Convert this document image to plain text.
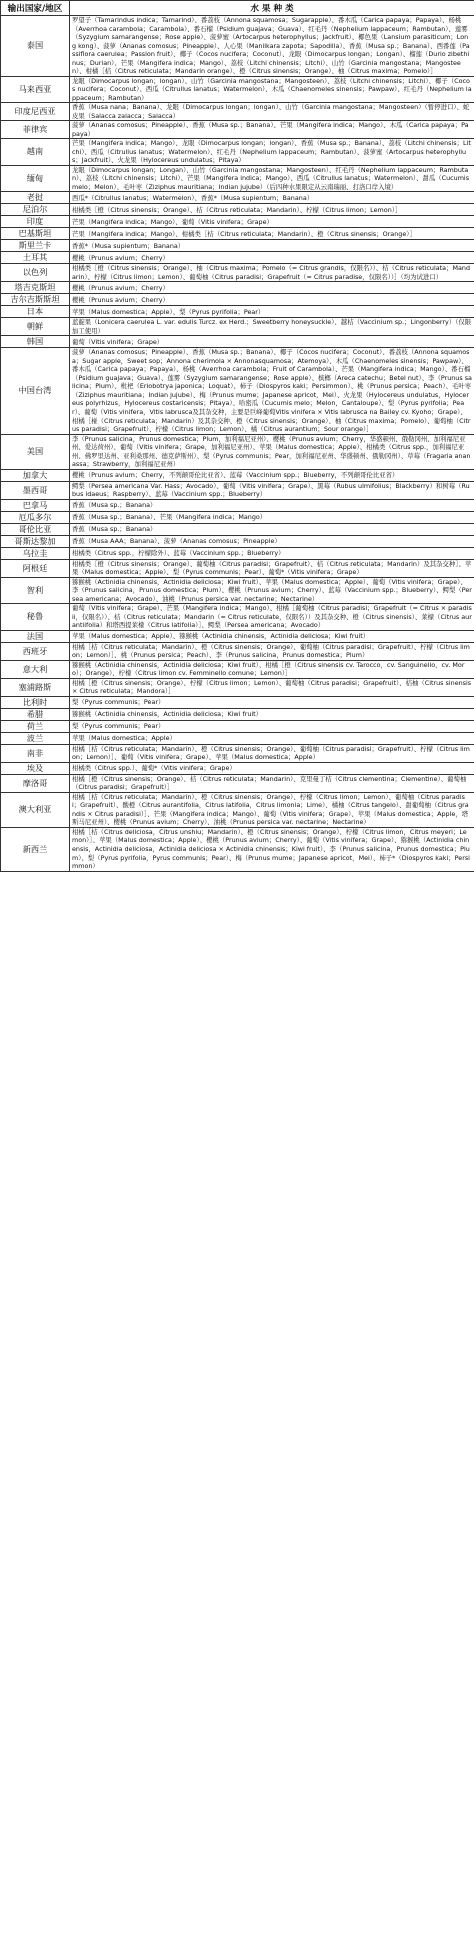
输出国家/地区	水 果 种 类
泰国	罗望子（Tamarindus indica；Tamarind）、番荔枝（Annona squamosa；Sugarapple）、番木瓜（Carica papaya；Papaya）、杨桃（Averrhoa carambola；Carambola）、番石榴（Psidium guajava；Guava）、红毛丹（Nephelium lappaceum；Rambutan）、莲雾（Syzygium samarangense；Rose apple）、菠萝蜜（Artocarpus heterophyllus；Jackfruit）、椰色果（Lansium parasiticum；Long kong）、菠萝（Ananas comosus；Pineapple）、人心果（Manilkara zapota；Sapodilla）、香蕉（Musa sp.；Banana）、西番莲（Passiflora caerulea；Passion fruit）、椰子（Cocos nucifera；Coconut）、龙眼（Dimocarpus longan；Longan）、榴莲（Durio zibethinus；Durian）、芒果（Mangifera indica；Mango）、荔枝（Litchi chinensis；Litchi）、山竹（Garcinia mangostana；Mangosteen）、柑橘［桔（Citrus reticulata；Mandarin orange）、橙（Citrus sinensis；Orange）、柚（Citrus maxima；Pomelo）］
马来西亚	龙眼（Dimocarpus longan；longan）、山竹（Garcinia mangostana；Mangosteen）、荔枝（Litchi chinensis；Litchi）、椰子（Cocos nucifera；Coconut）、西瓜（Citrullus lanatus；Watermelon）、木瓜（Chaenomeles sinensis；Pawpaw）、红毛丹（Nephelium lappaceum；Rambutan）
印度尼西亚	香蕉（Musa nana；Banana）、龙眼（Dimocarpus longan；longan）、山竹（Garcinia mangostana；Mangosteen）（暂停进口）、蛇皮果（Salacca zalacca；Salacca）
菲律宾	菠萝（Ananas comosus；Pineapple）、香蕉（Musa sp.；Banana）、芒果（Mangifera indica；Mango）、木瓜（Carica papaya；Papaya）
越南	芒果（Mangifera indica；Mango）、龙眼（Dimocarpus longan；longan）、香蕉（Musa sp.；Banana）、荔枝（Litchi chinensis；Litchi）、西瓜（Citrullus lanatus；Watermelon）、红毛丹（Nephelium lappaceum；Rambutan）、菠萝蜜（Artocarpus heterophyllus；Jackfruit）、火龙果（Hylocereus undulatus；Pitaya）
缅甸	龙眼（Dimocarpus longan；Longan）、山竹（Garcinia mangostana；Mangosteen）、红毛丹（Nephelium lappaceum；Rambutan）、荔枝（Litchi chinensis；Litchi）、芒果（Mangifera indica；Mango）、西瓜（Citrullus lanatus；Watermelon）、甜瓜（Cucumis melo；Melon）、毛叶枣（Ziziphus mauritiana；Indian jujube）（后四种水果限定从云南瑞丽、打洛口岸入境）
老挝	西瓜*（Citrullus lanatus；Watermelon）、香蕉*（Musa supientum；Banana）
尼泊尔	柑橘类［橙（Citrus sinensis；Orange）、桔（Citrus reticulata；Mandarin）、柠檬（Citrus limon；Lemon）］
印度	芒果（Mangifera indica；Mango）、葡萄（Vitis vinifera；Grape）
巴基斯坦	芒果（Mangifera indica；Mango）、柑橘类［桔（Citrus reticulata；Mandarin）、橙（Citrus sinensis；Orange）］
斯里兰卡	香蕉*（Musa supientum；Banana）
土耳其	樱桃（Prunus avium；Cherry）
以色列	柑橘类［橙（Citrus sinensis；Orange）、柚（Citrus maxima；Pomelo（= Citrus grandis，仅限名））、桔（Citrus reticulata；Mandarin）、柠檬（Citrus limon；Lemon）、葡萄柚（Citrus paradisi；Grapefruit（= Citrus paradise，仅限名））］（均为试进口）
塔吉克斯坦	樱桃（Prunus avium；Cherry）
吉尔吉斯斯坦	樱桃（Prunus avium；Cherry）
日本	苹果（Malus domestica；Apple）、梨（Pyrus pyrifolia；Pear）
朝鲜	蓝靛果（Lonicera caerulea L. var. edulis Turcz. ex Herd.；Sweetberry honeysuckle）、越桔（Vaccinium sp.；Lingonberry）（仅限加工使用）
韩国	葡萄（Vitis vinifera；Grape）
中国台湾	菠萝（Ananas comosus；Pineapple）、香蕉（Musa sp.；Banana）、椰子（Cocos nucifera；Coconut）、番荔枝（Annona squamosa；Sugar apple，Sweet sop；Annona cherimola × Annonasquamosa；Atemoya）、木瓜（Chaenomeles sinensis；Pawpaw）、番木瓜（Carica papaya；Papaya）、杨桃（Averrhoa carambola；Fruit of Carambola）、芒果（Mangifera indica；Mango）、番石榴（Psidium guajava；Guava）、莲雾（Syzygium samarangense；Rose apple）、槟榔（Areca catechu；Betel nut）、李（Prunus salicina；Plum）、枇杷（Eriobotrya japonica；Loquat）、柿子（Diospyros kaki；Persimmon）、桃（Prunus persica；Peach）、毛叶枣（Ziziphus mauritiana；Indian jujube）、梅（Prunus mume；Japanese apricot，Mei）、火龙果（Hylocereus undulatus，Hylocereus polyrhizus，Hylocereus costaricensis；Pitaya）、哈密瓜（Cucumis melo；Melon，Cantaloupe）、梨（Pyrus pyrifolia；Pear）、葡萄（Vitis vinifera，Vitis labrusca及其杂交种，主要是巨峰葡萄Vitis vinifera × Vitis labrusca na Bailey cv. Kyoho；Grape）、柑橘［椪（Citrus reticulata；Mandarin）及其杂交种、橙（Citrus sinensis；Orange）、柚（Citrus maxima；Pomelo）、葡萄柚（Citrus paradisi；Grapefruit）、柠檬（Citrus limon；Lemon）、橘（Citrus aurantium；Sour orange）］
美国	李（Prunus salicina，Prunus domestica；Plum，加利福尼亚州）、樱桃（Prunus avium；Cherry，华盛顿州、俄勒冈州、加利福尼亚州、爱达荷州）、葡萄（Vitis vinifera；Grape，加利福尼亚州）、苹果（Malus domestica；Apple）、柑橘类（Citrus spp.，加利福尼亚州、佛罗里达州、亚利桑那州、德克萨斯州）、梨（Pyrus communis；Pear，加利福尼亚州、华盛顿州、俄勒冈州）、草莓（Fragaria ananassa；Strawberry，加利福尼亚州）
加拿大	樱桃（Prunus avium；Cherry，不列颠哥伦比亚省）、蓝莓（Vaccinium spp.；Blueberry，不列颠哥伦比亚省）
墨西哥	鳄梨（Persea americana Var. Hass；Avocado）、葡萄（Vitis vinifera；Grape）、黑莓（Rubus ulmifolius；Blackberry）和树莓（Rubus idaeus；Raspberry）、蓝莓（Vaccinium spp.；Blueberry）
巴拿马	香蕉（Musa sp.；Banana）
厄瓜多尔	香蕉（Musa sp.；Banana）、芒果（Mangifera indica；Mango）
哥伦比亚	香蕉（Musa sp.；Banana）
哥斯达黎加	香蕉（Musa AAA；Banana）、菠萝（Ananas comosus；Pineapple）
乌拉圭	柑橘类（Citrus spp.，柠檬除外）、蓝莓（Vaccinium spp.；Blueberry）
阿根廷	柑橘类［橙（Citrus sinensis；Orange）、葡萄柚（Citrus paradisi；Grapefruit）、桔（Citrus reticulata；Mandarin）及其杂交种］、苹果（Malus domestica；Apple）、梨（Pyrus communis；Pear）、葡萄*（Vitis vinifera；Grape）
智利	猕猴桃（Actinidia chinensis，Actinidia deliciosa；Kiwi fruit）、苹果（Malus domestica；Apple）、葡萄（Vitis vinifera；Grape）、李（Prunus salicina，Prunus domestica；Plum）、樱桃（Prunus avium；Cherry）、蓝莓（Vaccinium spp.；Blueberry）、鳄梨（Persea americana；Avocado）、油桃（Prunus persica var. nectarine；Nectarine）
秘鲁	葡萄（Vitis vinifera；Grape）、芒果（Mangifera indica；Mango）、柑橘［葡萄柚（Citrus paradisi；Grapefruit（= Citrus × paradisii，仅限名））、桔（Citrus reticulata；Mandarin（= Citrus reticulate，仅限名））及其杂交种、橙（Citrus sinensis）、莱檬（Citrus aurantiifolia）和塔西提莱檬（Citrus latifolia）］、鳄梨（Persea americana；Avocado）
法国	苹果（Malus domestica；Apple）、猕猴桃（Actinidia chinensis，Actinidia deliciosa；Kiwi fruit）
西班牙	柑橘［桔（Citrus reticulata；Mandarin）、橙（Citrus sinensis；Orange）、葡萄柚（Citrus paradisi；Grapefruit）、柠檬（Citrus limon；Lemon）］、桃（Prunus persica；Peach）、李（Prunus salicina，Prunus domestica；Plum）
意大利	猕猴桃（Actinidia chinensis，Actinidia deliciosa；Kiwi fruit）、柑橘［橙（Citrus sinensis cv. Tarocco，cv. Sanguinello，cv. Moro）；Orange）、柠檬（Citrus limon cv. Femminello comune；Lemon）］
塞浦路斯	柑橘［橙（Citrus sinensis；Orange）、柠檬（Citrus limon；Lemon）、葡萄柚（Citrus paradisi；Grapefruit）、桔柚（Citrus sinensis × Citrus reticulata；Mandora）］
比利时	梨（Pyrus communis；Pear）
希腊	猕猴桃（Actinidia chinensis，Actinidia deliciosa；Kiwi fruit）
荷兰	梨（Pyrus communis；Pear）
波兰	苹果（Malus domestica；Apple）
南非	柑橘［桔（Citrus reticulata；Mandarin）、橙（Citrus sinensis；Orange）、葡萄柚（Citrus paradisi；Grapefruit）、柠檬（Citrus limon；Lemon）］、葡萄（Vitis vinifera；Grape）、苹果（Malus domestica；Apple）
埃及	柑橘类（Citrus spp.）、葡萄*（Vitis vinifera；Grape）
摩洛哥	柑橘［橙（Citrus sinensis；Orange）、桔（Citrus reticulata；Mandarin）、克里曼丁桔（Citrus clementina；Clementine）、葡萄柚（Citrus paradisi；Grapefruit）］
澳大利亚	柑橘［桔（Citrus reticulata；Mandarin）、橙（Citrus sinensis；Orange）、柠檬（Citrus limon；Lemon）、葡萄柚（Citrus paradisi；Grapefruit）、酸橙（Citrus aurantifolia，Citrus latifolia，Citrus limonia；Lime）、橘柚（Citrus tangelo）、甜葡萄柚（Citrus grandis × Citrus paradisi）］、芒果（Mangifera indica；Mango）、葡萄（Vitis vinifera；Grape）、苹果（Malus domestica；Apple，塔斯马尼亚州）、樱桃（Prunus avium；Cherry）、油桃（Prunus persica var. nectarine；Nectarine）
新西兰	柑橘［桔（Citrus deliciosa，Citrus unshiu；Mandarin）、橙（Citrus sinensis；Orange）、柠檬（Citrus limon，Citrus meyeri；Lemon）］、苹果（Malus domestica；Apple）、樱桃（Prunus avium；Cherry）、葡萄（Vitis vinifera；Grape）、猕猴桃（Actinidia chinensis，Actinidia deliciosa，Actinidia deliciosa × Actinidia chinensis；Kiwi fruit）、李（Prunus salicina，Prunus domestica；Plum）、梨（Pyrus pyrifolia，Pyrus communis；Pear）、梅（Prunus mume；Japanese apricot，Mei）、柿子*（Diospyros kaki；Persimmon）
